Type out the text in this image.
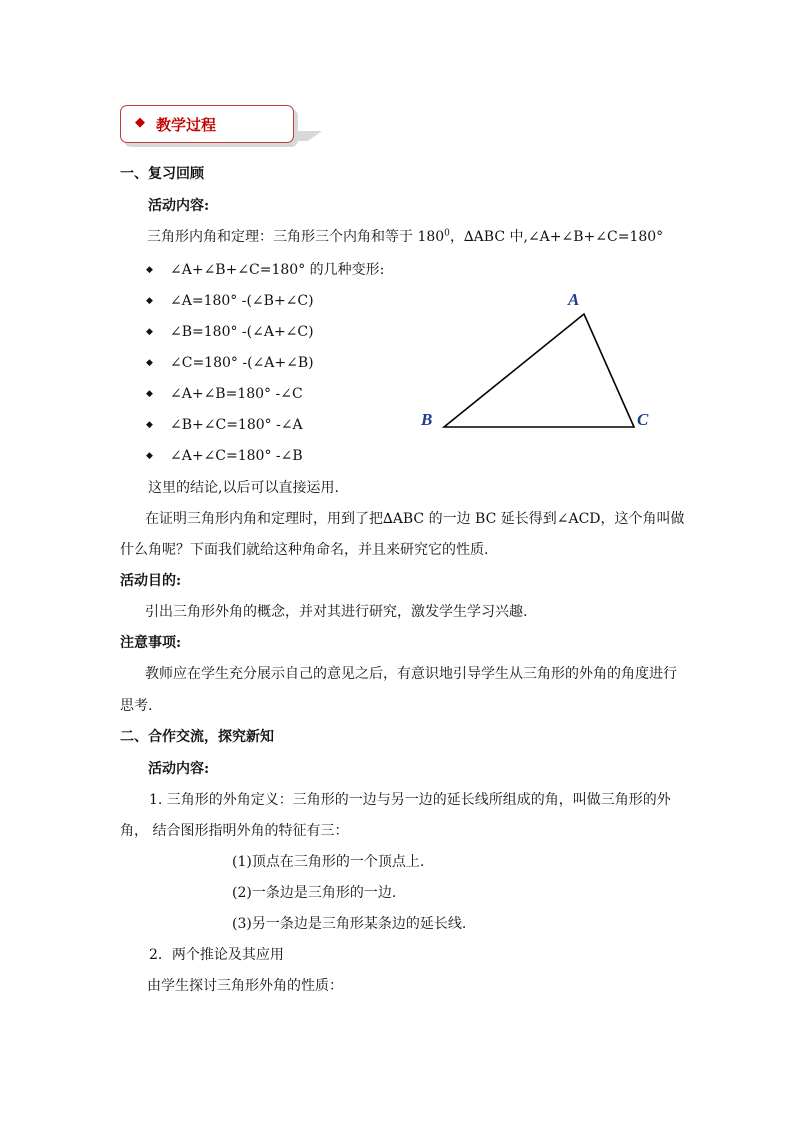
◆ 教学过程
一、复习回顾
活动内容:
三角形内角和定理：三角形三个内角和等于 $180^0$，∆ABC 中,∠A+∠B+∠C=180°
◆ ∠A+∠B+∠C=180° 的几种变形:
◆ ∠A=180° -(∠B+∠C)
◆ ∠B=180° -(∠A+∠C)
◆ ∠C=180° -(∠A+∠B)
◆ ∠A+∠B=180° -∠C
◆ ∠B+∠C=180° -∠A
◆ ∠A+∠C=180° -∠B
A
B	C
这里的结论,以后可以直接运用.
在证明三角形内角和定理时，用到了把∆ABC 的一边 BC 延长得到∠ACD，这个角叫做
什么角呢？下面我们就给这种角命名，并且来研究它的性质.
活动目的:
引出三角形外角的概念，并对其进行研究，激发学生学习兴趣.
注意事项:
教师应在学生充分展示自己的意见之后，有意识地引导学生从三角形的外角的角度进行
思考.
二、合作交流，探究新知
活动内容:
1. 三角形的外角定义：三角形的一边与另一边的延长线所组成的角，叫做三角形的外
角， 结合图形指明外角的特征有三：
(1)顶点在三角形的一个顶点上.
(2)一条边是三角形的一边.
(3)另一条边是三角形某条边的延长线.
2．两个推论及其应用
由学生探讨三角形外角的性质：
